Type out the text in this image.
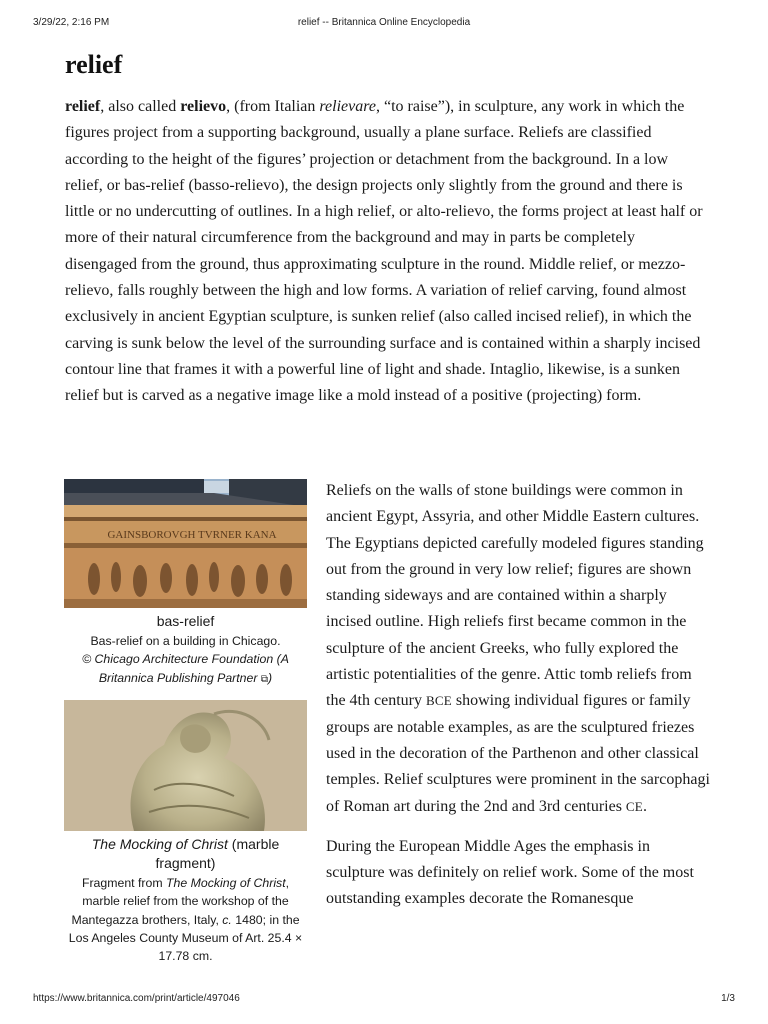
3/29/22, 2:16 PM	relief -- Britannica Online Encyclopedia
relief

relief, also called relievo, (from Italian relievare, “to raise”), in sculpture, any work in which the figures project from a supporting background, usually a plane surface. Reliefs are classified according to the height of the figures’ projection or detachment from the background. In a low relief, or bas-relief (basso-relievo), the design projects only slightly from the ground and there is little or no undercutting of outlines. In a high relief, or alto-relievo, the forms project at least half or more of their natural circumference from the background and may in parts be completely disengaged from the ground, thus approximating sculpture in the round. Middle relief, or mezzo-relievo, falls roughly between the high and low forms. A variation of relief carving, found almost exclusively in ancient Egyptian sculpture, is sunken relief (also called incised relief), in which the carving is sunk below the level of the surrounding surface and is contained within a sharply incised contour line that frames it with a powerful line of light and shade. Intaglio, likewise, is a sunken relief but is carved as a negative image like a mold instead of a positive (projecting) form.

GAINSBOROVGH TVRNER KANA
bas-relief
Bas-relief on a building in Chicago.
© Chicago Architecture Foundation (A Britannica Publishing Partner ⧉)
The Mocking of Christ (marble fragment)
Fragment from The Mocking of Christ, marble relief from the workshop of the Mantegazza brothers, Italy, c. 1480; in the Los Angeles County Museum of Art. 25.4 × 17.78 cm.

Reliefs on the walls of stone buildings were common in ancient Egypt, Assyria, and other Middle Eastern cultures. The Egyptians depicted carefully modeled figures standing out from the ground in very low relief; figures are shown standing sideways and are contained within a sharply incised outline. High reliefs first became common in the sculpture of the ancient Greeks, who fully explored the artistic potentialities of the genre. Attic tomb reliefs from the 4th century BCE showing individual figures or family groups are notable examples, as are the sculptured friezes used in the decoration of the Parthenon and other classical temples. Relief sculptures were prominent in the sarcophagi of Roman art during the 2nd and 3rd centuries CE.

During the European Middle Ages the emphasis in sculpture was definitely on relief work. Some of the most outstanding examples decorate the Romanesque

https://www.britannica.com/print/article/497046	1/3
